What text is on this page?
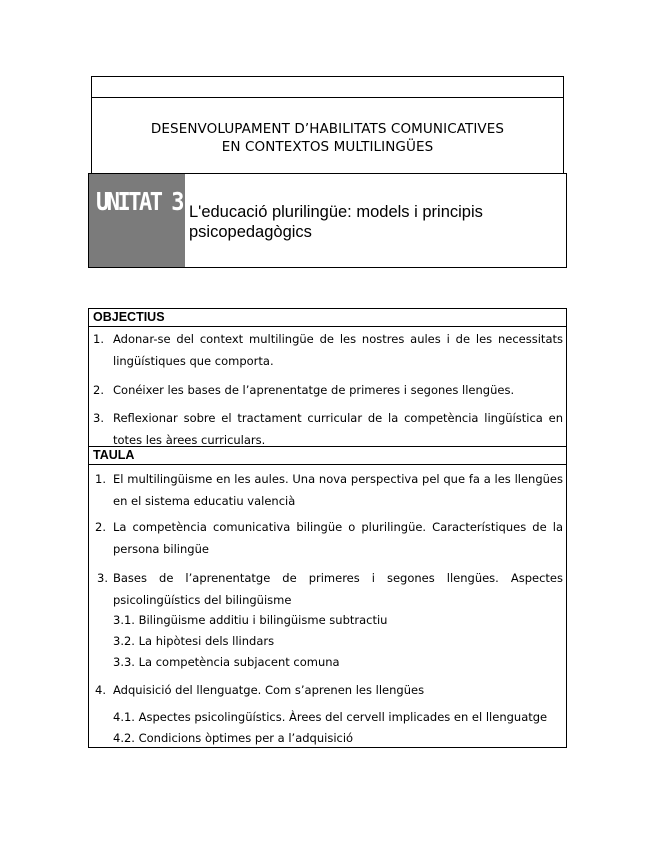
DESENVOLUPAMENT D’HABILITATS COMUNICATIVES
EN CONTEXTOS MULTILINGÜES
UNITAT 3 L'educació plurilingüe: models i principis psicopedagògics
OBJECTIUS
1. Adonar-se del context multilingüe de les nostres aules i de les necessitats lingüístiques que comporta.
2. Conéixer les bases de l’aprenentatge de primeres i segones llengües.
3. Reflexionar sobre el tractament curricular de la competència lingüística en totes les àrees curriculars.
TAULA
1. El multilingüisme en les aules. Una nova perspectiva pel que fa a les llengües en el sistema educatiu valencià
2. La competència comunicativa bilingüe o plurilingüe. Característiques de la persona bilingüe
3. Bases de l’aprenentatge de primeres i segones llengües. Aspectes psicolingüístics del bilingüisme
3.1. Bilingüisme additiu i bilingüisme subtractiu
3.2. La hipòtesi dels llindars
3.3. La competència subjacent comuna
4. Adquisició del llenguatge. Com s’aprenen les llengües
4.1. Aspectes psicolingüístics. Àrees del cervell implicades en el llenguatge
4.2. Condicions òptimes per a l’adquisició
